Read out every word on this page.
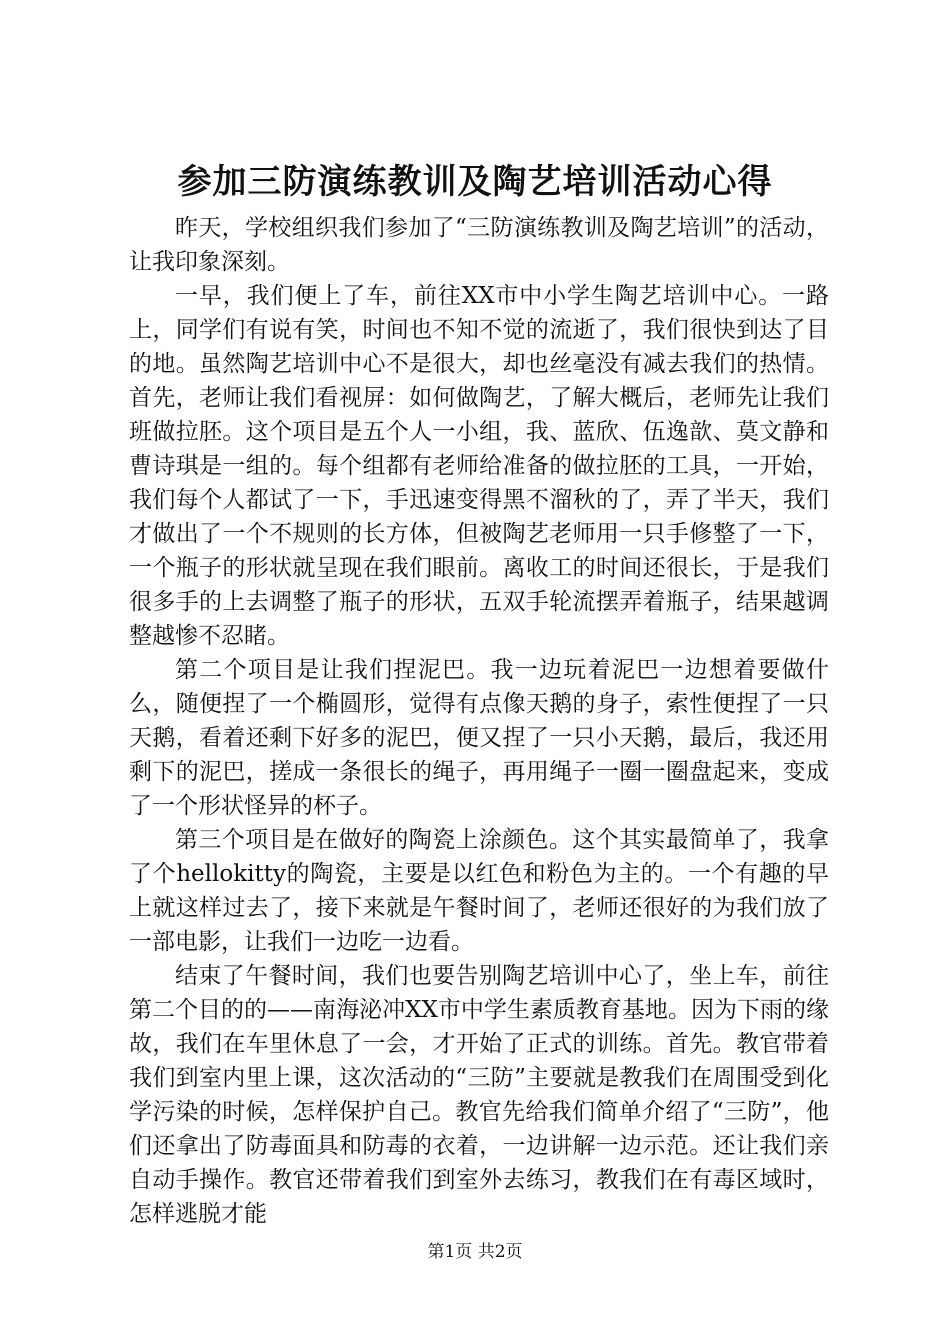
参加三防演练教训及陶艺培训活动心得

昨天，学校组织我们参加了“三防演练教训及陶艺培训”的活动，让我印象深刻。

一早，我们便上了车，前往XX市中小学生陶艺培训中心。一路上，同学们有说有笑，时间也不知不觉的流逝了，我们很快到达了目的地。虽然陶艺培训中心不是很大，却也丝毫没有减去我们的热情。首先，老师让我们看视屏：如何做陶艺，了解大概后，老师先让我们班做拉胚。这个项目是五个人一小组，我、蓝欣、伍逸歆、莫文静和曹诗琪是一组的。每个组都有老师给准备的做拉胚的工具，一开始，我们每个人都试了一下，手迅速变得黑不溜秋的了，弄了半天，我们才做出了一个不规则的长方体，但被陶艺老师用一只手修整了一下，一个瓶子的形状就呈现在我们眼前。离收工的时间还很长，于是我们很多手的上去调整了瓶子的形状，五双手轮流摆弄着瓶子，结果越调整越惨不忍睹。

第二个项目是让我们捏泥巴。我一边玩着泥巴一边想着要做什么，随便捏了一个椭圆形，觉得有点像天鹅的身子，索性便捏了一只天鹅，看着还剩下好多的泥巴，便又捏了一只小天鹅，最后，我还用剩下的泥巴，搓成一条很长的绳子，再用绳子一圈一圈盘起来，变成了一个形状怪异的杯子。

第三个项目是在做好的陶瓷上涂颜色。这个其实最简单了，我拿了个hellokitty的陶瓷，主要是以红色和粉色为主的。一个有趣的早上就这样过去了，接下来就是午餐时间了，老师还很好的为我们放了一部电影，让我们一边吃一边看。

结束了午餐时间，我们也要告别陶艺培训中心了，坐上车，前往第二个目的的——南海泌冲XX市中学生素质教育基地。因为下雨的缘故，我们在车里休息了一会，才开始了正式的训练。首先。教官带着我们到室内里上课，这次活动的“三防”主要就是教我们在周围受到化学污染的时候，怎样保护自己。教官先给我们简单介绍了“三防”，他们还拿出了防毒面具和防毒的衣着，一边讲解一边示范。还让我们亲自动手操作。教官还带着我们到室外去练习，教我们在有毒区域时，怎样逃脱才能

第1页 共2页
